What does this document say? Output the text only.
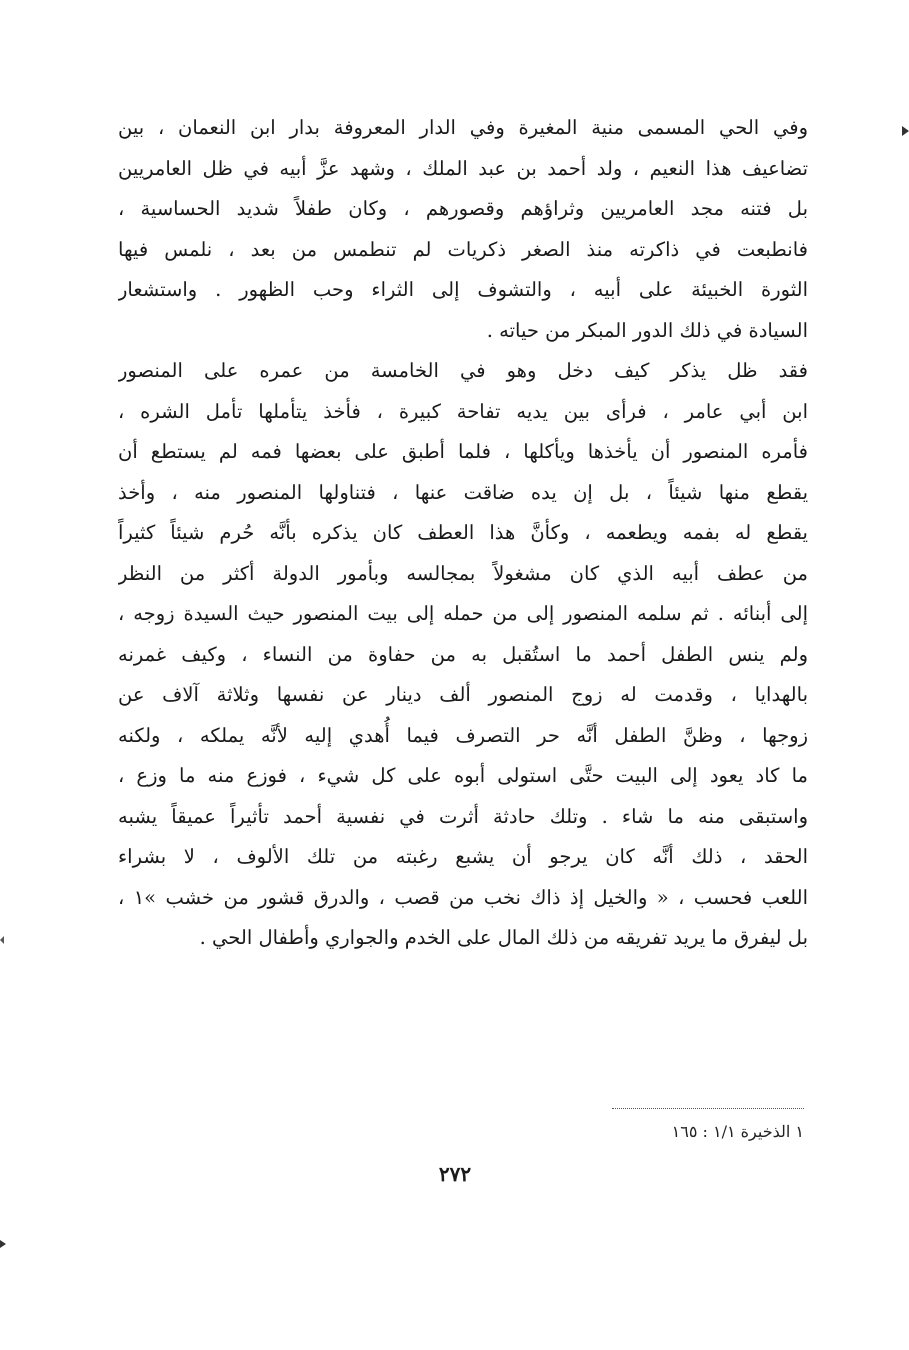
وفي الحي المسمى منية المغيرة وفي الدار المعروفة بدار ابن النعمان ، بين
تضاعيف هذا النعيم ، ولد أحمد بن عبد الملك ، وشهد عزَّ أبيه في ظل العامريين
بل فتنه مجد العامريين وثراؤهم وقصورهم ، وكان طفلاً شديد الحساسية ،
فانطبعت في ذاكرته منذ الصغر ذكريات لم تنطمس من بعد ، نلمس فيها
الثورة الخبيئة على أبيه ، والتشوف إلى الثراء وحب الظهور . واستشعار
السيادة في ذلك الدور المبكر من حياته .
فقد ظل يذكر كيف دخل وهو في الخامسة من عمره على المنصور
ابن أبي عامر ، فرأى بين يديه تفاحة كبيرة ، فأخذ يتأملها تأمل الشره ،
فأمره المنصور أن يأخذها ويأكلها ، فلما أطبق على بعضها فمه لم يستطع أن
يقطع منها شيئاً ، بل إن يده ضاقت عنها ، فتناولها المنصور منه ، وأخذ
يقطع له بفمه ويطعمه ، وكأنَّ هذا العطف كان يذكره بأنَّه حُرم شيئاً كثيراً
من عطف أبيه الذي كان مشغولاً بمجالسه وبأمور الدولة أكثر من النظر
إلى أبنائه . ثم سلمه المنصور إلى من حمله إلى بيت المنصور حيث السيدة زوجه ،
ولم ينس الطفل أحمد ما استُقبل به من حفاوة من النساء ، وكيف غمرنه
بالهدايا ، وقدمت له زوج المنصور ألف دينار عن نفسها وثلاثة آلاف عن
زوجها ، وظنَّ الطفل أنَّه حر التصرف فيما أُهدي إليه لأنَّه يملكه ، ولكنه
ما كاد يعود إلى البيت حتَّى استولى أبوه على كل شيء ، فوزع منه ما وزع ،
واستبقى منه ما شاء . وتلك حادثة أثرت في نفسية أحمد تأثيراً عميقاً يشبه
الحقد ، ذلك أنَّه كان يرجو أن يشبع رغبته من تلك الألوف ، لا بشراء
اللعب فحسب ، « والخيل إذ ذاك نخب من قصب ، والدرق قشور من خشب »١ ،
بل ليفرق ما يريد تفريقه من ذلك المال على الخدم والجواري وأطفال الحي .
١ الذخيرة ١/١ : ١٦٥
٢٧٢
